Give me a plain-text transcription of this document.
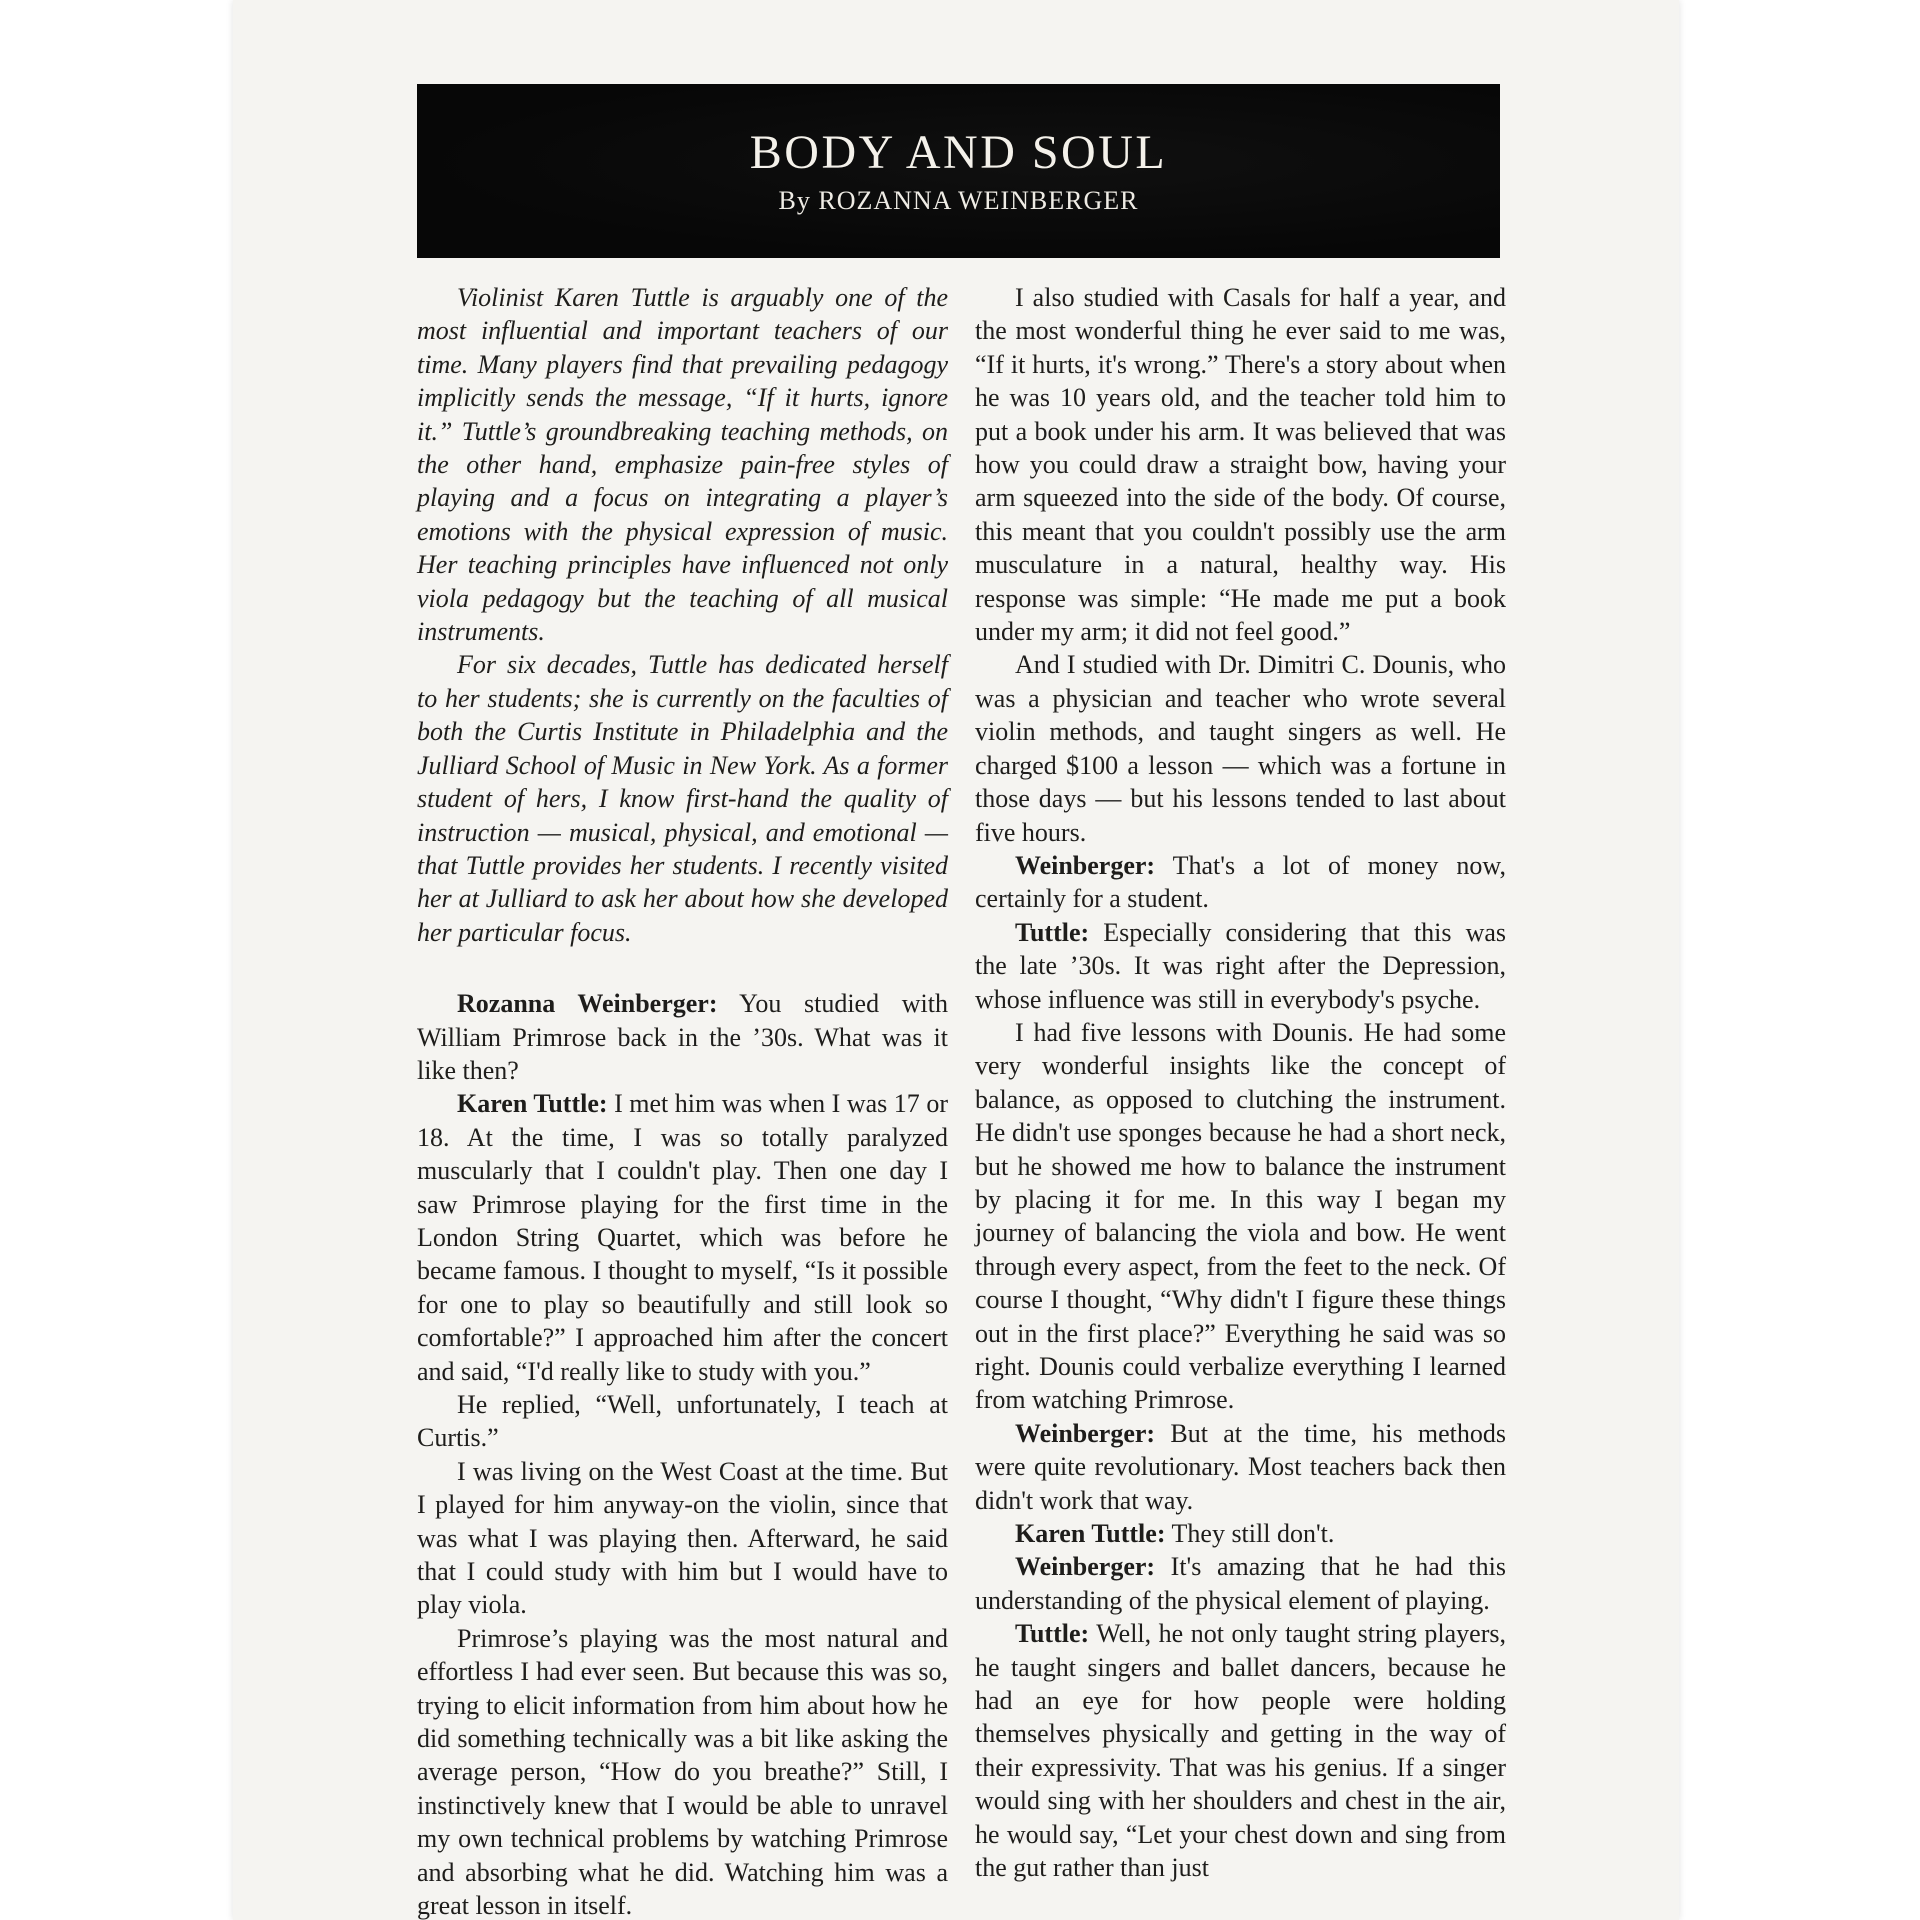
BODY AND SOUL
By ROZANNA WEINBERGER

Violinist Karen Tuttle is arguably one of the most influential and important teachers of our time. Many players find that prevailing pedagogy implicitly sends the message, “If it hurts, ignore it.” Tuttle’s groundbreaking teaching methods, on the other hand, emphasize pain-free styles of playing and a focus on integrating a player’s emotions with the physical expression of music. Her teaching principles have influenced not only viola pedagogy but the teaching of all musical instruments.

For six decades, Tuttle has dedicated herself to her students; she is currently on the faculties of both the Curtis Institute in Philadelphia and the Julliard School of Music in New York. As a former student of hers, I know first-hand the quality of instruction — musical, physical, and emotional — that Tuttle provides her students. I recently visited her at Julliard to ask her about how she developed her particular focus.

Rozanna Weinberger: You studied with William Primrose back in the ’30s. What was it like then?

Karen Tuttle: I met him was when I was 17 or 18. At the time, I was so totally paralyzed muscularly that I couldn't play. Then one day I saw Primrose playing for the first time in the London String Quartet, which was before he became famous. I thought to myself, “Is it possible for one to play so beautifully and still look so comfortable?” I approached him after the concert and said, “I'd really like to study with you.”

He replied, “Well, unfortunately, I teach at Curtis.”

I was living on the West Coast at the time. But I played for him anyway-on the violin, since that was what I was playing then. Afterward, he said that I could study with him but I would have to play viola.

Primrose’s playing was the most natural and effortless I had ever seen. But because this was so, trying to elicit information from him about how he did something technically was a bit like asking the average person, “How do you breathe?” Still, I instinctively knew that I would be able to unravel my own technical problems by watching Primrose and absorbing what he did. Watching him was a great lesson in itself.

I also studied with Casals for half a year, and the most wonderful thing he ever said to me was, “If it hurts, it's wrong.” There's a story about when he was 10 years old, and the teacher told him to put a book under his arm. It was believed that was how you could draw a straight bow, having your arm squeezed into the side of the body. Of course, this meant that you couldn't possibly use the arm musculature in a natural, healthy way. His response was simple: “He made me put a book under my arm; it did not feel good.”

And I studied with Dr. Dimitri C. Dounis, who was a physician and teacher who wrote several violin methods, and taught singers as well. He charged $100 a lesson — which was a fortune in those days — but his lessons tended to last about five hours.

Weinberger: That's a lot of money now, certainly for a student.

Tuttle: Especially considering that this was the late ’30s. It was right after the Depression, whose influence was still in everybody's psyche.

I had five lessons with Dounis. He had some very wonderful insights like the concept of balance, as opposed to clutching the instrument. He didn't use sponges because he had a short neck, but he showed me how to balance the instrument by placing it for me. In this way I began my journey of balancing the viola and bow. He went through every aspect, from the feet to the neck. Of course I thought, “Why didn't I figure these things out in the first place?” Everything he said was so right. Dounis could verbalize everything I learned from watching Primrose.

Weinberger: But at the time, his methods were quite revolutionary. Most teachers back then didn't work that way.

Karen Tuttle: They still don't.

Weinberger: It's amazing that he had this understanding of the physical element of playing.

Tuttle: Well, he not only taught string players, he taught singers and ballet dancers, because he had an eye for how people were holding themselves physically and getting in the way of their expressivity. That was his genius. If a singer would sing with her shoulders and chest in the air, he would say, “Let your chest down and sing from the gut rather than just
